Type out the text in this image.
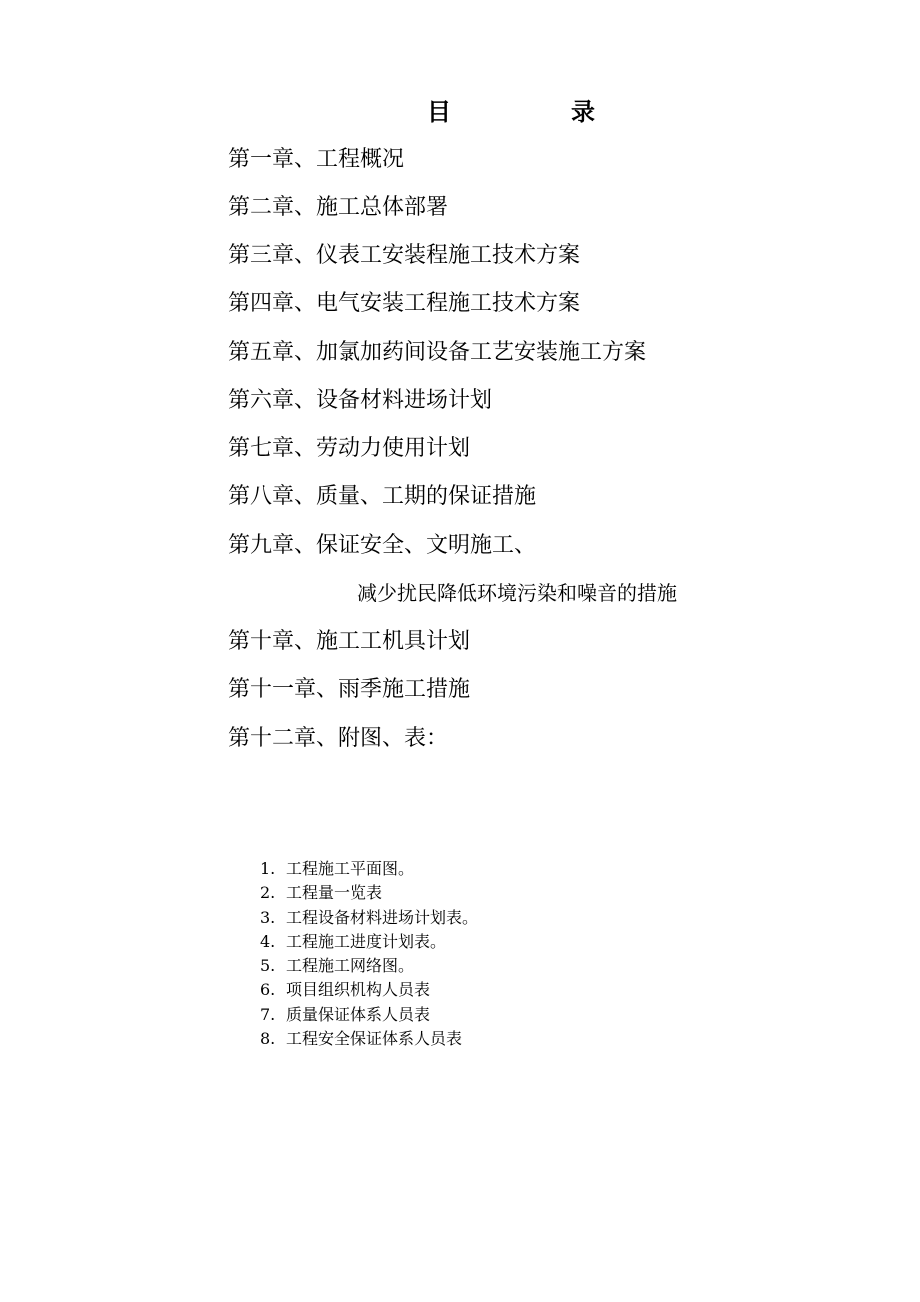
目	录
第一章、工程概况
第二章、施工总体部署
第三章、仪表工安装程施工技术方案
第四章、电气安装工程施工技术方案
第五章、加氯加药间设备工艺安装施工方案
第六章、设备材料进场计划
第七章、劳动力使用计划
第八章、质量、工期的保证措施
第九章、保证安全、文明施工、
减少扰民降低环境污染和噪音的措施
第十章、施工工机具计划
第十一章、雨季施工措施
第十二章、附图、表：
1. 工程施工平面图。
2. 工程量一览表
3. 工程设备材料进场计划表。
4. 工程施工进度计划表。
5. 工程施工网络图。
6. 项目组织机构人员表
7. 质量保证体系人员表
8. 工程安全保证体系人员表
